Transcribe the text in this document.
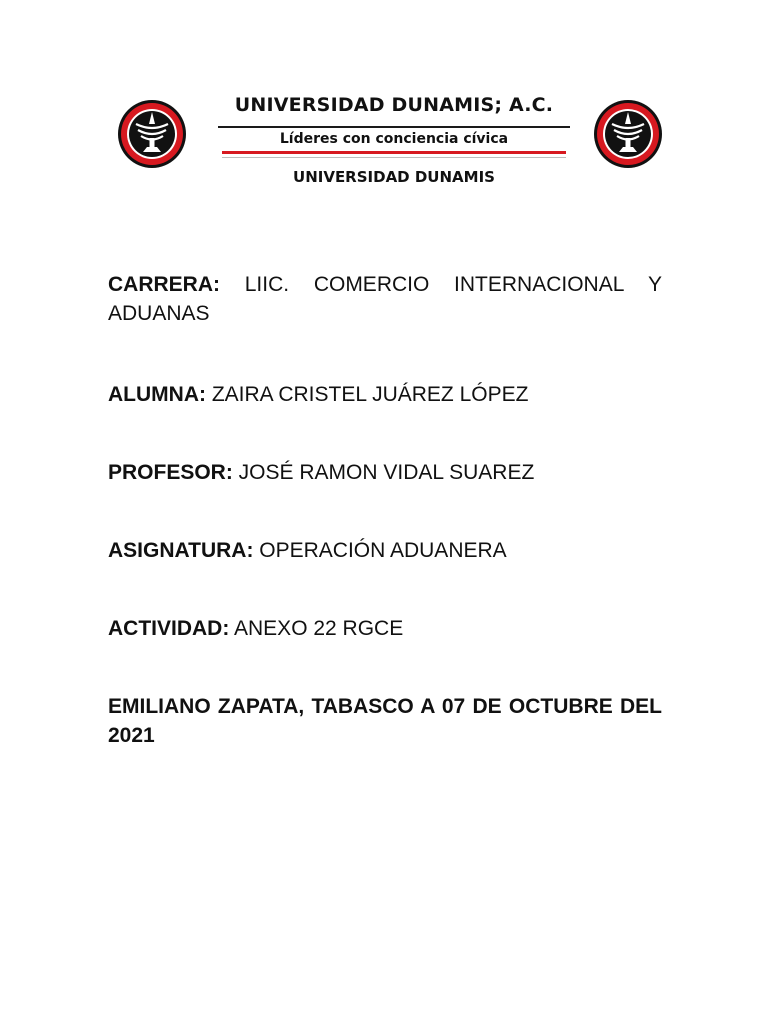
UNIVERSIDAD DUNAMIS; A.C.
Líderes con conciencia cívica
UNIVERSIDAD DUNAMIS

CARRERA: LIIC. COMERCIO INTERNACIONAL Y ADUANAS

ALUMNA: ZAIRA CRISTEL JUÁREZ LÓPEZ

PROFESOR: JOSÉ RAMON VIDAL SUAREZ

ASIGNATURA: OPERACIÓN ADUANERA

ACTIVIDAD: ANEXO 22 RGCE

EMILIANO ZAPATA, TABASCO A 07 DE OCTUBRE DEL 2021
